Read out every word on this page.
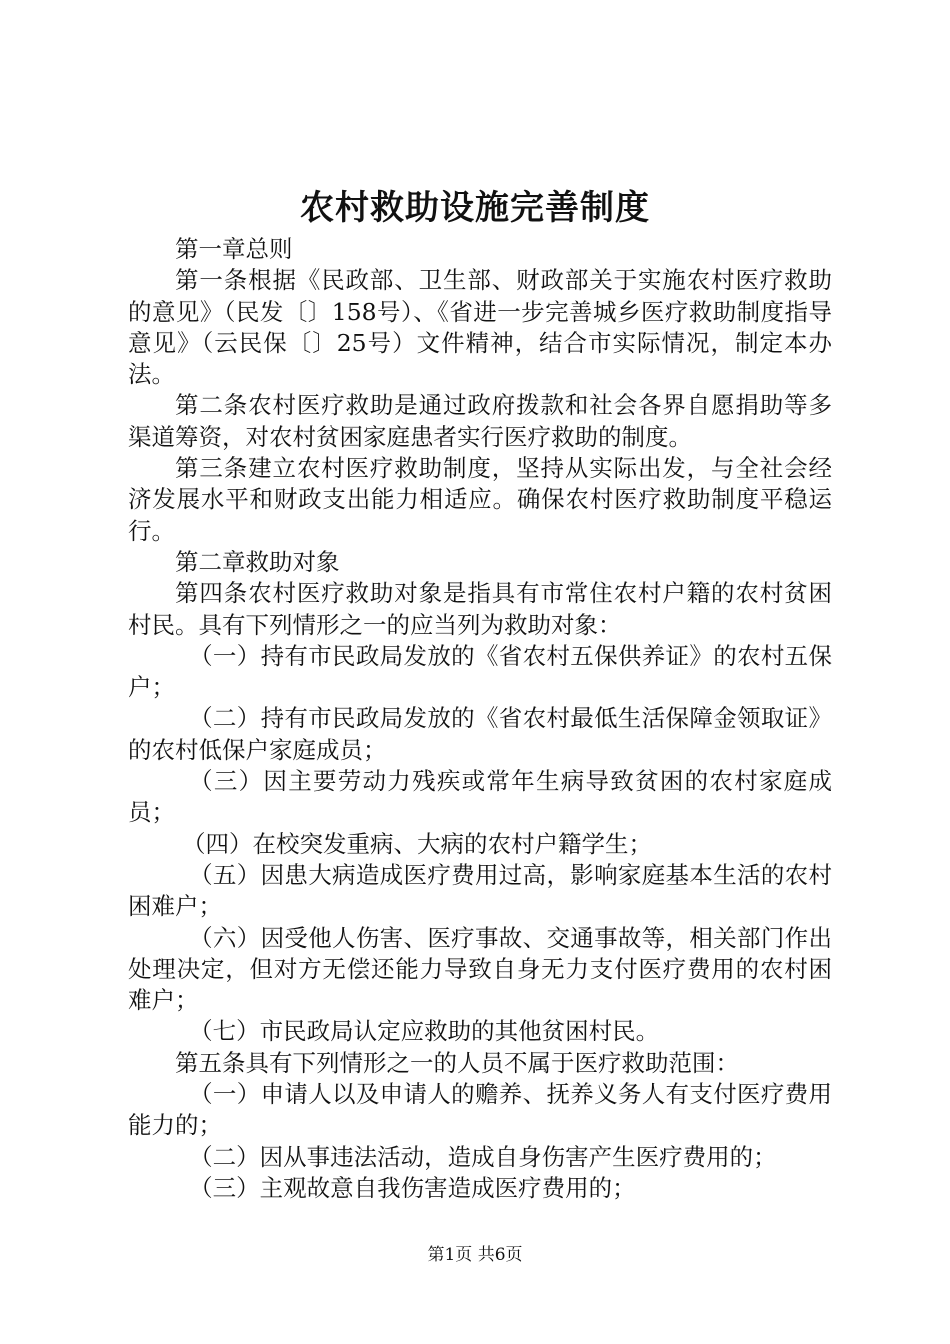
农村救助设施完善制度

第一章总则

第一条根据《民政部、卫生部、财政部关于实施农村医疗救助的意见》（民发〔〕158号）、《省进一步完善城乡医疗救助制度指导意见》（云民保〔〕25号）文件精神，结合市实际情况，制定本办法。

第二条农村医疗救助是通过政府拨款和社会各界自愿捐助等多渠道筹资，对农村贫困家庭患者实行医疗救助的制度。

第三条建立农村医疗救助制度，坚持从实际出发，与全社会经济发展水平和财政支出能力相适应。确保农村医疗救助制度平稳运行。

第二章救助对象

第四条农村医疗救助对象是指具有市常住农村户籍的农村贫困村民。具有下列情形之一的应当列为救助对象：

（一）持有市民政局发放的《省农村五保供养证》的农村五保户；

（二）持有市民政局发放的《省农村最低生活保障金领取证》的农村低保户家庭成员；

（三）因主要劳动力残疾或常年生病导致贫困的农村家庭成员；

（四）在校突发重病、大病的农村户籍学生；

（五）因患大病造成医疗费用过高，影响家庭基本生活的农村困难户；

（六）因受他人伤害、医疗事故、交通事故等，相关部门作出处理决定，但对方无偿还能力导致自身无力支付医疗费用的农村困难户；

（七）市民政局认定应救助的其他贫困村民。

第五条具有下列情形之一的人员不属于医疗救助范围：

（一）申请人以及申请人的赡养、抚养义务人有支付医疗费用能力的；

（二）因从事违法活动，造成自身伤害产生医疗费用的；

（三）主观故意自我伤害造成医疗费用的；

第1页 共6页
